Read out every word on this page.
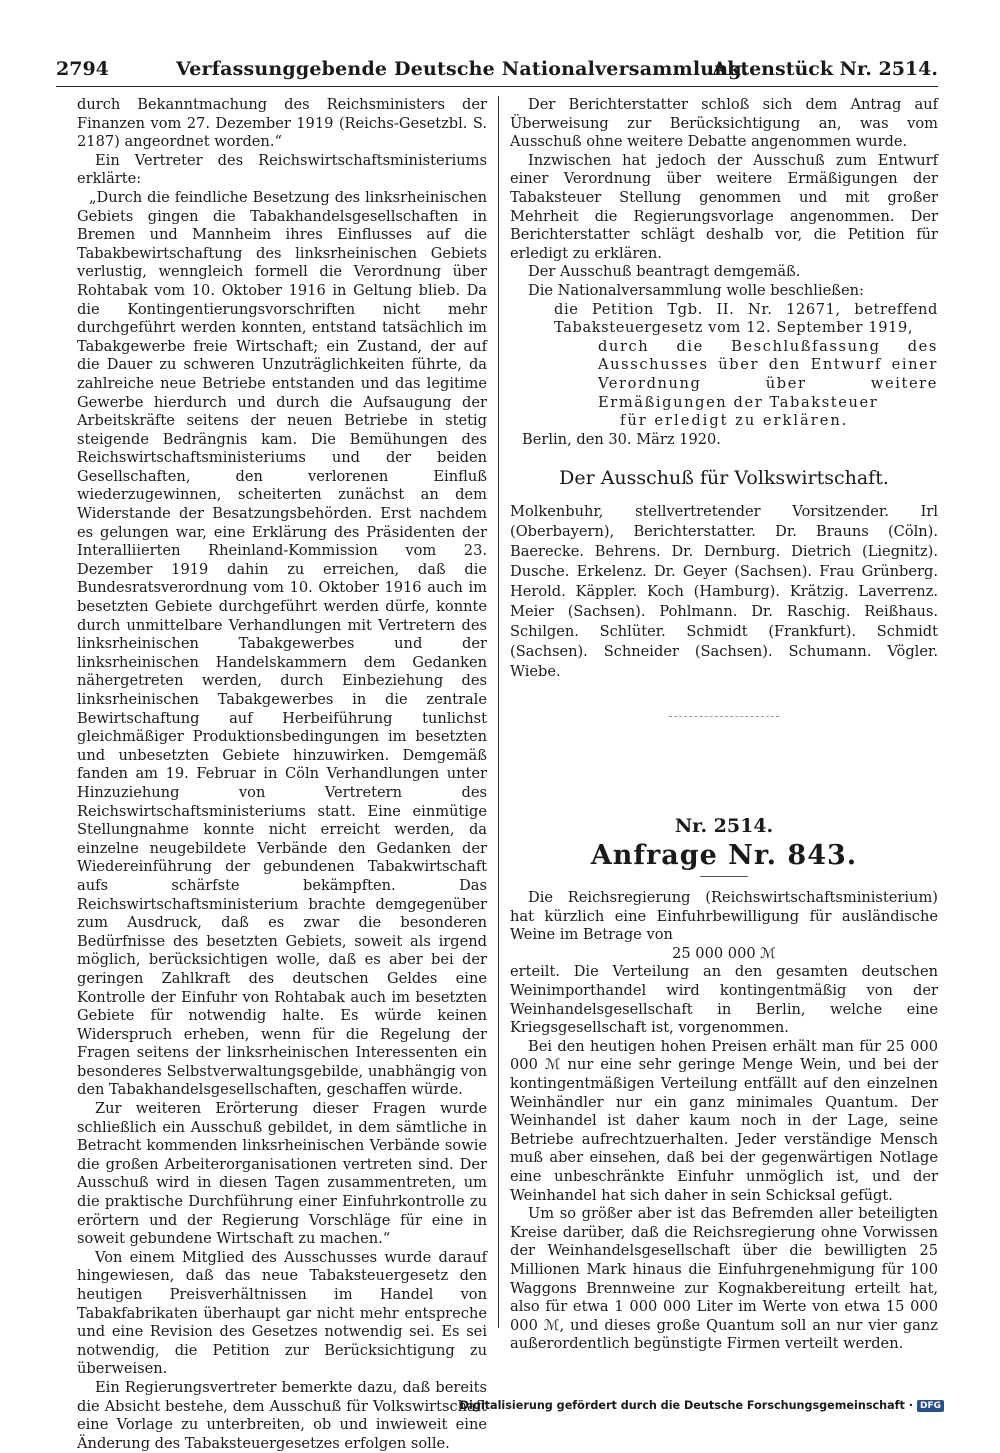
2794	Verfassunggebende Deutsche Nationalversammlung.
Aktenstück Nr. 2514.

durch Bekanntmachung des Reichsministers der Finanzen vom 27. Dezember 1919 (Reichs-Gesetzbl. S. 2187) angeordnet worden.“

Ein Vertreter des Reichswirtschaftsministeriums erklärte:

„Durch die feindliche Besetzung des linksrheinischen Gebiets gingen die Tabakhandelsgesellschaften in Bremen und Mannheim ihres Einflusses auf die Tabakbewirtschaftung des linksrheinischen Gebiets verlustig, wenngleich formell die Verordnung über Rohtabak vom 10. Oktober 1916 in Geltung blieb. Da die Kontingentierungsvorschriften nicht mehr durchgeführt werden konnten, entstand tatsächlich im Tabakgewerbe freie Wirtschaft; ein Zustand, der auf die Dauer zu schweren Unzuträglichkeiten führte, da zahlreiche neue Betriebe entstanden und das legitime Gewerbe hierdurch und durch die Aufsaugung der Arbeitskräfte seitens der neuen Betriebe in stetig steigende Bedrängnis kam. Die Bemühungen des Reichswirtschaftsministeriums und der beiden Gesellschaften, den verlorenen Einfluß wiederzugewinnen, scheiterten zunächst an dem Widerstande der Besatzungsbehörden. Erst nachdem es gelungen war, eine Erklärung des Präsidenten der Interalliierten Rheinland-Kommission vom 23. Dezember 1919 dahin zu erreichen, daß die Bundesratsverordnung vom 10. Oktober 1916 auch im besetzten Gebiete durchgeführt werden dürfe, konnte durch unmittelbare Verhandlungen mit Vertretern des linksrheinischen Tabakgewerbes und der linksrheinischen Handelskammern dem Gedanken nähergetreten werden, durch Einbeziehung des linksrheinischen Tabakgewerbes in die zentrale Bewirtschaftung auf Herbeiführung tunlichst gleichmäßiger Produktionsbedingungen im besetzten und unbesetzten Gebiete hinzuwirken. Demgemäß fanden am 19. Februar in Cöln Verhandlungen unter Hinzuziehung von Vertretern des Reichswirtschaftsministeriums statt. Eine einmütige Stellungnahme konnte nicht erreicht werden, da einzelne neugebildete Verbände den Gedanken der Wiedereinführung der gebundenen Tabakwirtschaft aufs schärfste bekämpften. Das Reichswirtschaftsministerium brachte demgegenüber zum Ausdruck, daß es zwar die besonderen Bedürfnisse des besetzten Gebiets, soweit als irgend möglich, berücksichtigen wolle, daß es aber bei der geringen Zahlkraft des deutschen Geldes eine Kontrolle der Einfuhr von Rohtabak auch im besetzten Gebiete für notwendig halte. Es würde keinen Widerspruch erheben, wenn für die Regelung der Fragen seitens der linksrheinischen Interessenten ein besonderes Selbstverwaltungsgebilde, unabhängig von den Tabakhandelsgesellschaften, geschaffen würde.

Zur weiteren Erörterung dieser Fragen wurde schließlich ein Ausschuß gebildet, in dem sämtliche in Betracht kommenden linksrheinischen Verbände sowie die großen Arbeiterorganisationen vertreten sind. Der Ausschuß wird in diesen Tagen zusammentreten, um die praktische Durchführung einer Einfuhrkontrolle zu erörtern und der Regierung Vorschläge für eine in soweit gebundene Wirtschaft zu machen.“

Von einem Mitglied des Ausschusses wurde darauf hingewiesen, daß das neue Tabaksteuergesetz den heutigen Preisverhältnissen im Handel von Tabakfabrikaten überhaupt gar nicht mehr entspreche und eine Revision des Gesetzes notwendig sei. Es sei notwendig, die Petition zur Berücksichtigung zu überweisen.

Ein Regierungsvertreter bemerkte dazu, daß bereits die Absicht bestehe, dem Ausschuß für Volkswirtschaft eine Vorlage zu unterbreiten, ob und inwieweit eine Änderung des Tabaksteuergesetzes erfolgen solle.

Der Berichterstatter schloß sich dem Antrag auf Überweisung zur Berücksichtigung an, was vom Ausschuß ohne weitere Debatte angenommen wurde.

Inzwischen hat jedoch der Ausschuß zum Entwurf einer Verordnung über weitere Ermäßigungen der Tabaksteuer Stellung genommen und mit großer Mehrheit die Regierungsvorlage angenommen. Der Berichterstatter schlägt deshalb vor, die Petition für erledigt zu erklären.

Der Ausschuß beantragt demgemäß.

Die Nationalversammlung wolle beschließen:

die Petition Tgb. II. Nr. 12671, betreffend Tabaksteuergesetz vom 12. September 1919,

durch die Beschlußfassung des Ausschusses über den Entwurf einer Verordnung über weitere Ermäßigungen der Tabaksteuer

für erledigt zu erklären.

Berlin, den 30. März 1920.

Der Ausschuß für Volkswirtschaft.

Molkenbuhr, stellvertretender Vorsitzender. Irl (Oberbayern), Berichterstatter. Dr. Brauns (Cöln). Baerecke. Behrens. Dr. Dernburg. Dietrich (Liegnitz). Dusche. Erkelenz. Dr. Geyer (Sachsen). Frau Grünberg. Herold. Käppler. Koch (Hamburg). Krätzig. Laverrenz. Meier (Sachsen). Pohlmann. Dr. Raschig. Reißhaus. Schilgen. Schlüter. Schmidt (Frankfurt). Schmidt (Sachsen). Schneider (Sachsen). Schumann. Vögler. Wiebe.

Nr. 2514.
Anfrage Nr. 843.

Die Reichsregierung (Reichswirtschaftsministerium) hat kürzlich eine Einfuhrbewilligung für ausländische Weine im Betrage von

25 000 000 ℳ

erteilt. Die Verteilung an den gesamten deutschen Weinimporthandel wird kontingentmäßig von der Weinhandelsgesellschaft in Berlin, welche eine Kriegsgesellschaft ist, vorgenommen.

Bei den heutigen hohen Preisen erhält man für 25 000 000 ℳ nur eine sehr geringe Menge Wein, und bei der kontingentmäßigen Verteilung entfällt auf den einzelnen Weinhändler nur ein ganz minimales Quantum. Der Weinhandel ist daher kaum noch in der Lage, seine Betriebe aufrechtzuerhalten. Jeder verständige Mensch muß aber einsehen, daß bei der gegenwärtigen Notlage eine unbeschränkte Einfuhr unmöglich ist, und der Weinhandel hat sich daher in sein Schicksal gefügt.

Um so größer aber ist das Befremden aller beteiligten Kreise darüber, daß die Reichsregierung ohne Vorwissen der Weinhandelsgesellschaft über die bewilligten 25 Millionen Mark hinaus die Einfuhrgenehmigung für 100 Waggons Brennweine zur Kognakbereitung erteilt hat, also für etwa 1 000 000 Liter im Werte von etwa 15 000 000 ℳ, und dieses große Quantum soll an nur vier ganz außerordentlich begünstigte Firmen verteilt werden.

Digitalisierung gefördert durch die Deutsche Forschungsgemeinschaft · DFG
